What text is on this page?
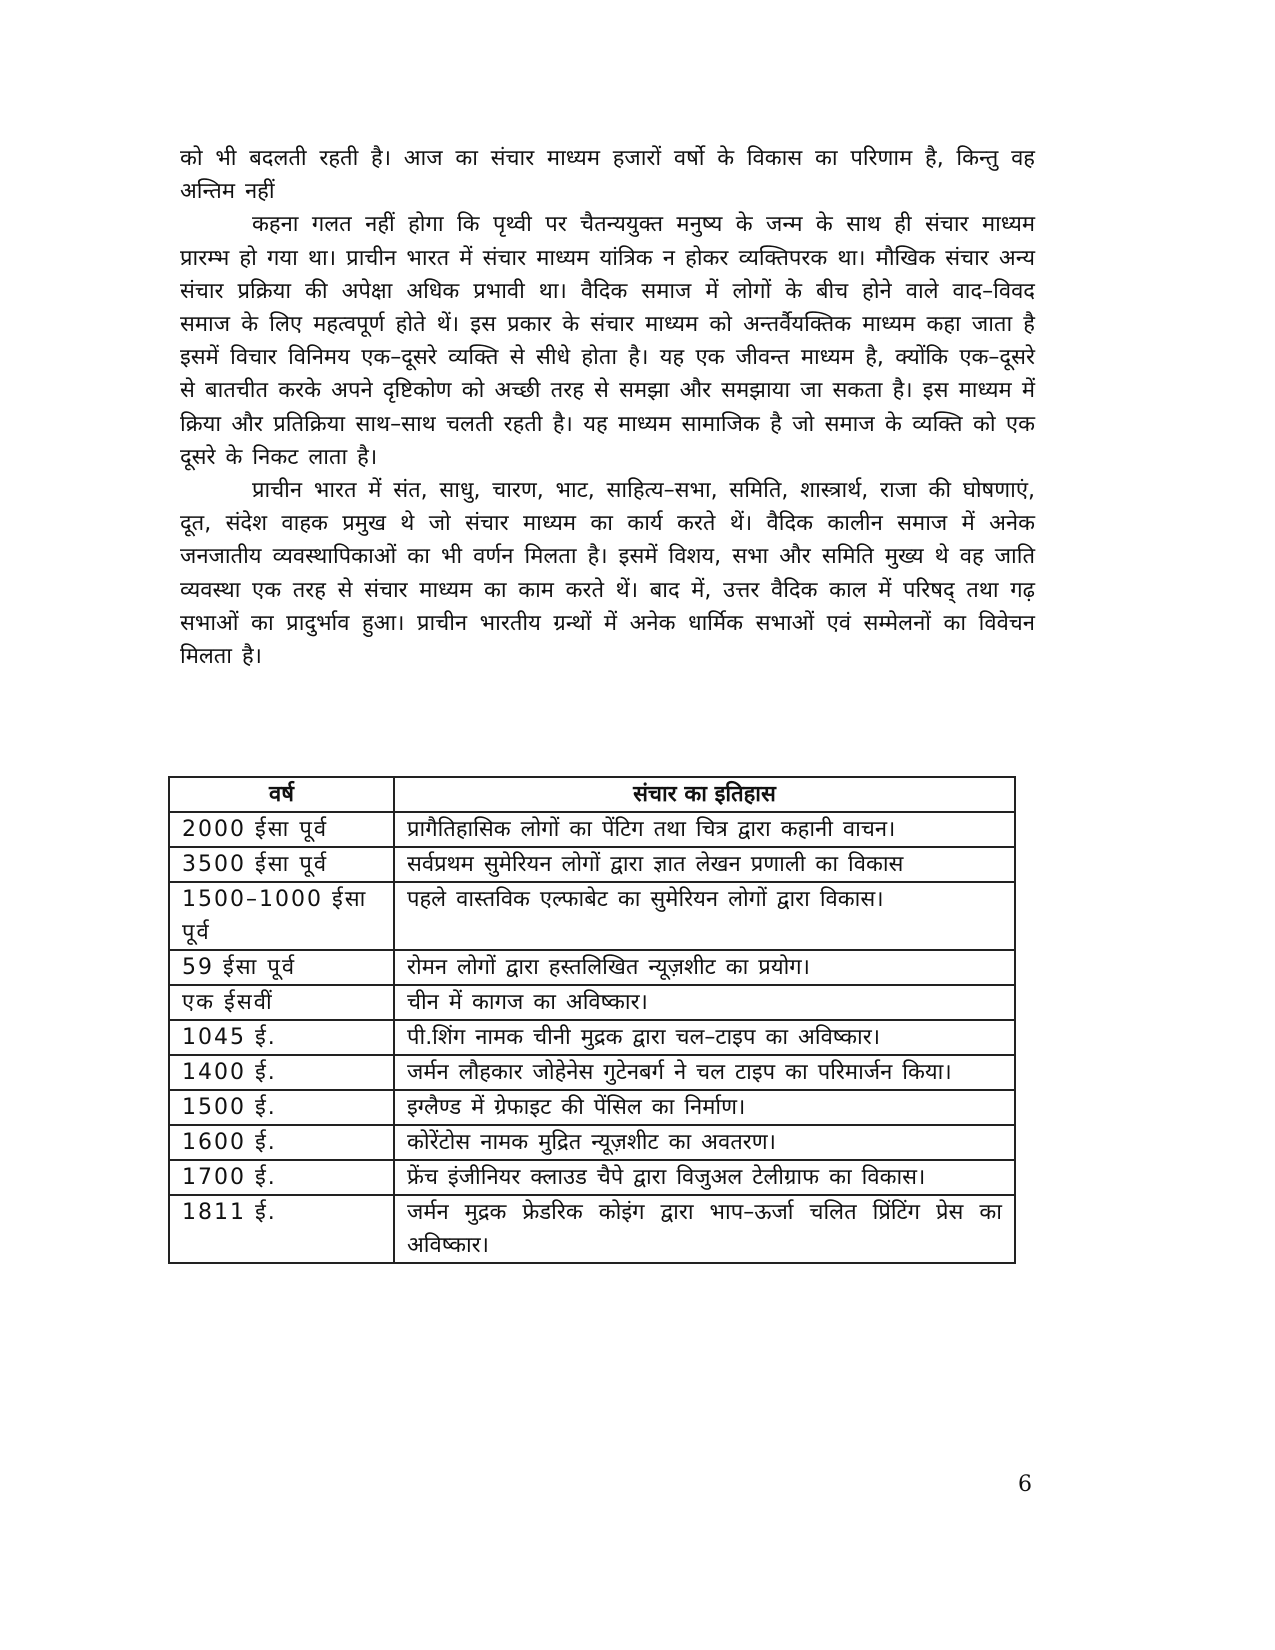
को भी बदलती रहती है। आज का संचार माध्यम हजारों वर्षो के विकास का परिणाम है, किन्तु वह अन्तिम नहीं

कहना गलत नहीं होगा कि पृथ्वी पर चैतन्ययुक्त मनुष्य के जन्म के साथ ही संचार माध्यम प्रारम्भ हो गया था। प्राचीन भारत में संचार माध्यम यांत्रिक न होकर व्यक्तिपरक था। मौखिक संचार अन्य संचार प्रक्रिया की अपेक्षा अधिक प्रभावी था। वैदिक समाज में लोगों के बीच होने वाले वाद–विवद समाज के लिए महत्वपूर्ण होते थें। इस प्रकार के संचार माध्यम को अन्तर्वैयक्तिक माध्यम कहा जाता है इसमें विचार विनिमय एक–दूसरे व्यक्ति से सीधे होता है। यह एक जीवन्त माध्यम है, क्योंकि एक–दूसरे से बातचीत करके अपने दृष्टिकोण को अच्छी तरह से समझा और समझाया जा सकता है। इस माध्यम में क्रिया और प्रतिक्रिया साथ–साथ चलती रहती है। यह माध्यम सामाजिक है जो समाज के व्यक्ति को एक दूसरे के निकट लाता है।

प्राचीन भारत में संत, साधु, चारण, भाट, साहित्य–सभा, समिति, शास्त्रार्थ, राजा की घोषणाएं, दूत, संदेश वाहक प्रमुख थे जो संचार माध्यम का कार्य करते थें। वैदिक कालीन समाज में अनेक जनजातीय व्यवस्थापिकाओं का भी वर्णन मिलता है। इसमें विशय, सभा और समिति मुख्य थे वह जाति व्यवस्था एक तरह से संचार माध्यम का काम करते थें। बाद में, उत्तर वैदिक काल में परिषद् तथा गढ़ सभाओं का प्रादुर्भाव हुआ। प्राचीन भारतीय ग्रन्थों में अनेक धार्मिक सभाओं एवं सम्मेलनों का विवेचन मिलता है।

वर्ष	संचार का इतिहास
2000 ईसा पूर्व	प्रागैतिहासिक लोगों का पेंटिग तथा चित्र द्वारा कहानी वाचन।
3500 ईसा पूर्व	सर्वप्रथम सुमेरियन लोगों द्वारा ज्ञात लेखन प्रणाली का विकास
1500–1000 ईसा पूर्व	पहले वास्तविक एल्फाबेट का सुमेरियन लोगों द्वारा विकास।
59 ईसा पूर्व	रोमन लोगों द्वारा हस्तलिखित न्यूज़शीट का प्रयोग।
एक ईसवीं	चीन में कागज का अविष्कार।
1045 ई.	पी.शिंग नामक चीनी मुद्रक द्वारा चल–टाइप का अविष्कार।
1400 ई.	जर्मन लौहकार जोहेनेस गुटेनबर्ग ने चल टाइप का परिमार्जन किया।
1500 ई.	इग्लैण्ड में ग्रेफाइट की पेंसिल का निर्माण।
1600 ई.	कोरेंटोस नामक मुद्रित न्यूज़शीट का अवतरण।
1700 ई.	फ्रेंच इंजीनियर क्लाउड चैपे द्वारा विजुअल टेलीग्राफ का विकास।
1811 ई.	जर्मन मुद्रक फ्रेडरिक कोइंग द्वारा भाप–ऊर्जा चलित प्रिंटिंग प्रेस का अविष्कार।
6
